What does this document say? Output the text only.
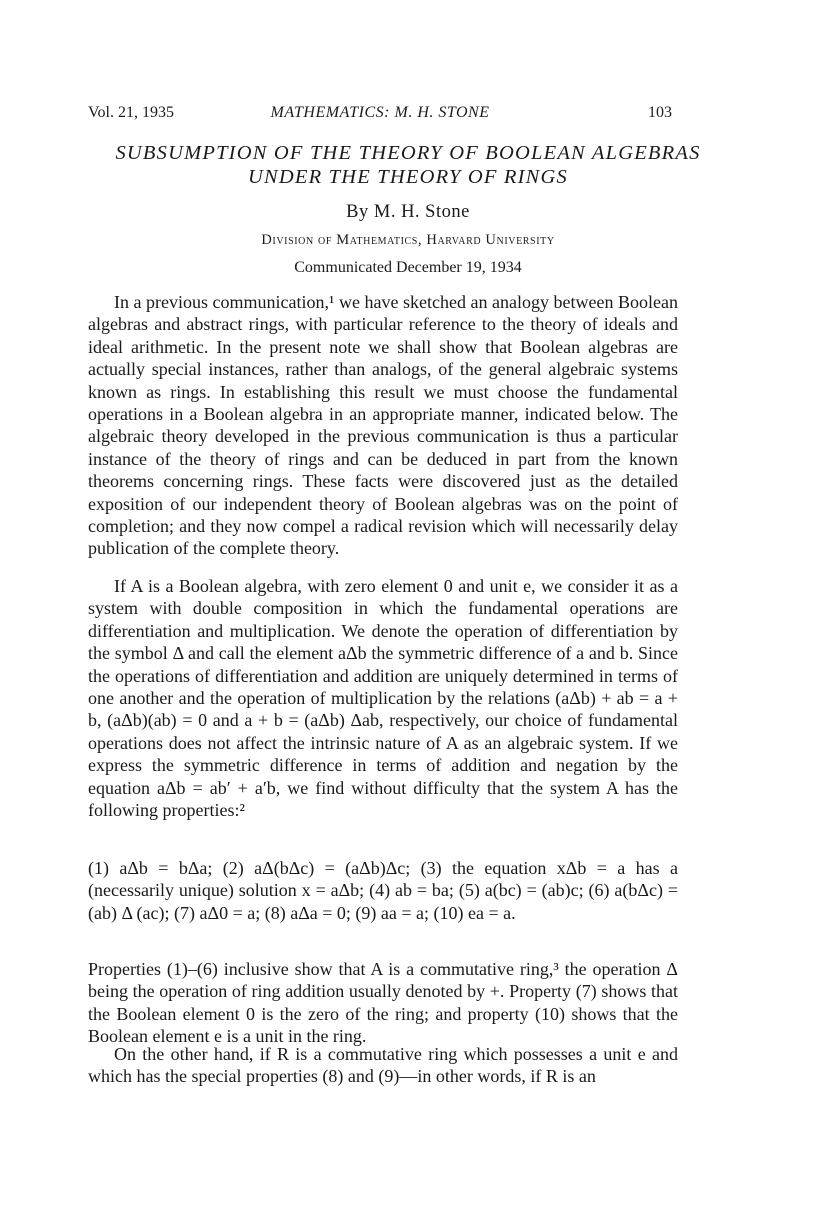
Vol. 21, 1935	MATHEMATICS: M. H. STONE	103
SUBSUMPTION OF THE THEORY OF BOOLEAN ALGEBRAS
UNDER THE THEORY OF RINGS
By M. H. Stone
Division of Mathematics, Harvard University
Communicated December 19, 1934

In a previous communication,¹ we have sketched an analogy between Boolean algebras and abstract rings, with particular reference to the theory of ideals and ideal arithmetic. In the present note we shall show that Boolean algebras are actually special instances, rather than analogs, of the general algebraic systems known as rings. In establishing this result we must choose the fundamental operations in a Boolean algebra in an appropriate manner, indicated below. The algebraic theory developed in the previous communication is thus a particular instance of the theory of rings and can be deduced in part from the known theorems concerning rings. These facts were discovered just as the detailed exposition of our independent theory of Boolean algebras was on the point of completion; and they now compel a radical revision which will necessarily delay publication of the complete theory.

If A is a Boolean algebra, with zero element 0 and unit e, we consider it as a system with double composition in which the fundamental operations are differentiation and multiplication. We denote the operation of differentiation by the symbol Δ and call the element aΔb the symmetric difference of a and b. Since the operations of differentiation and addition are uniquely determined in terms of one another and the operation of multiplication by the relations (aΔb) + ab = a + b, (aΔb)(ab) = 0 and a + b = (aΔb) Δab, respectively, our choice of fundamental operations does not affect the intrinsic nature of A as an algebraic system. If we express the symmetric difference in terms of addition and negation by the equation aΔb = ab′ + a′b, we find without difficulty that the system A has the following properties:²

(1) aΔb = bΔa; (2) aΔ(bΔc) = (aΔb)Δc; (3) the equation xΔb = a has a (necessarily unique) solution x = aΔb; (4) ab = ba; (5) a(bc) = (ab)c; (6) a(bΔc) = (ab) Δ (ac); (7) aΔ0 = a; (8) aΔa = 0; (9) aa = a; (10) ea = a.

Properties (1)–(6) inclusive show that A is a commutative ring,³ the operation Δ being the operation of ring addition usually denoted by +. Property (7) shows that the Boolean element 0 is the zero of the ring; and property (10) shows that the Boolean element e is a unit in the ring.

On the other hand, if R is a commutative ring which possesses a unit e and which has the special properties (8) and (9)—in other words, if R is an
